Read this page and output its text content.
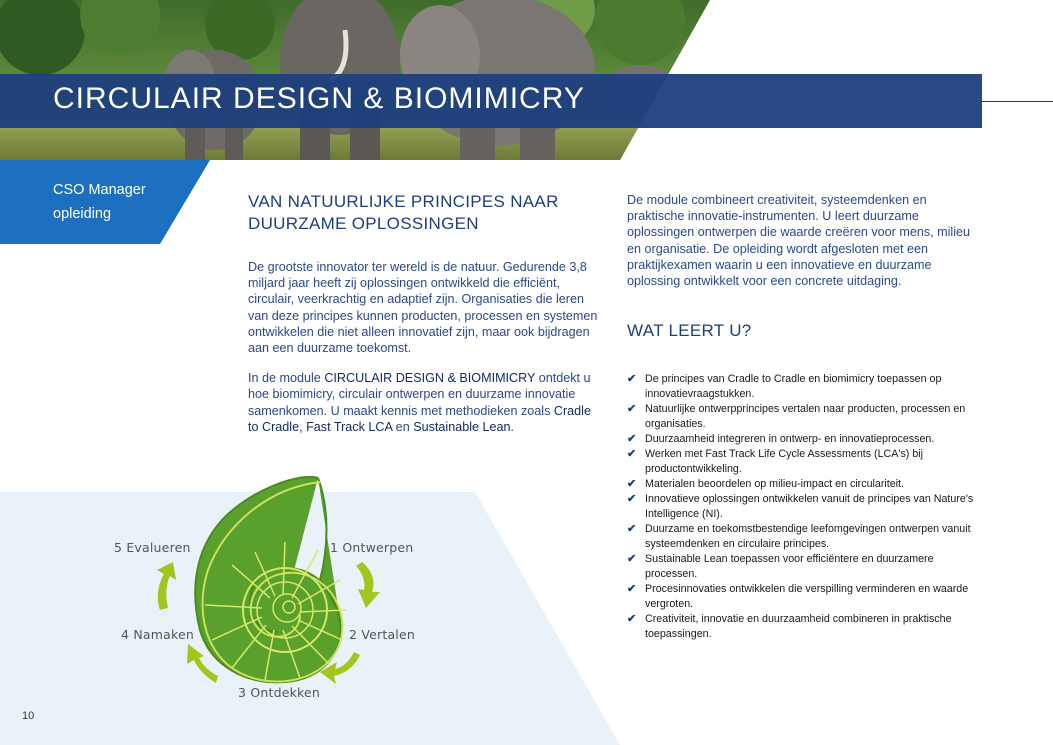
CIRCULAIR DESIGN & BIOMIMICRY
CSO Manager opleiding
VAN NATUURLIJKE PRINCIPES NAAR DUURZAME OPLOSSINGEN

De grootste innovator ter wereld is de natuur. Gedurende 3,8 miljard jaar heeft zij oplossingen ontwikkeld die efficiënt, circulair, veerkrachtig en adaptief zijn. Organisaties die leren van deze principes kunnen producten, processen en systemen ontwikkelen die niet alleen innovatief zijn, maar ook bijdragen aan een duurzame toekomst.

In de module CIRCULAIR DESIGN & BIOMIMICRY ontdekt u hoe biomimicry, circulair ontwerpen en duurzame innovatie samenkomen. U maakt kennis met methodieken zoals Cradle to Cradle, Fast Track LCA en Sustainable Lean.

De module combineert creativiteit, systeemdenken en praktische innovatie-instrumenten. U leert duurzame oplossingen ontwerpen die waarde creëren voor mens, milieu en organisatie. De opleiding wordt afgesloten met een praktijkexamen waarin u een innovatieve en duurzame oplossing ontwikkelt voor een concrete uitdaging.

WAT LEERT U?
✔ De principes van Cradle to Cradle en biomimicry toepassen op innovatievraagstukken.
✔ Natuurlijke ontwerpprincipes vertalen naar producten, processen en organisaties.
✔ Duurzaamheid integreren in ontwerp- en innovatieprocessen.
✔ Werken met Fast Track Life Cycle Assessments (LCA's) bij productontwikkeling.
✔ Materialen beoordelen op milieu-impact en circulariteit.
✔ Innovatieve oplossingen ontwikkelen vanuit de principes van Nature's Intelligence (NI).
✔ Duurzame en toekomstbestendige leefomgevingen ontwerpen vanuit systeemdenken en circulaire principes.
✔ Sustainable Lean toepassen voor efficiëntere en duurzamere processen.
✔ Procesinnovaties ontwikkelen die verspilling verminderen en waarde vergroten.
✔ Creativiteit, innovatie en duurzaamheid combineren in praktische toepassingen.
1 Ontwerpen
2 Vertalen
3 Ontdekken
4 Namaken
5 Evalueren
10
